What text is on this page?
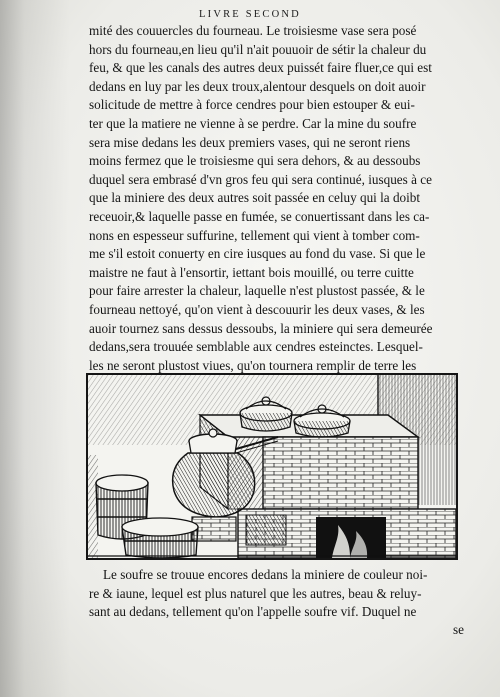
LIVRE SECOND
mité des couuercles du fourneau. Le troisiesme vase sera posé
hors du fourneau,en lieu qu'il n'ait pouuoir de sétir la chaleur du
feu, & que les canals des autres deux puissét faire fluer,ce qui est
dedans en luy par les deux troux,alentour desquels on doit auoir
solicitude de mettre à force cendres pour bien estouper & eui-
ter que la matiere ne vienne à se perdre. Car la mine du soufre
sera mise dedans les deux premiers vases, qui ne seront riens
moins fermez que le troisiesme qui sera dehors, & au dessoubs
duquel sera embrasé d'vn gros feu qui sera continué, iusques à ce
que la miniere des deux autres soit passée en celuy qui la doibt
receuoir,& laquelle passe en fumée, se conuertissant dans les ca-
nons en espesseur suffurine, tellement qui vient à tomber com-
me s'il estoit conuerty en cire iusques au fond du vase. Si que le
maistre ne faut à l'ensortir, iettant bois mouillé, ou terre cuitte
pour faire arrester la chaleur, laquelle n'est plustost passée, & le
fourneau nettoyé, qu'on vient à descouurir les deux vases, & les
auoir tournez sans dessus dessoubs, la miniere qui sera demeurée
dedans,sera trouuée semblable aux cendres esteinctes. Lesquel-
les ne seront plustost viues, qu'on tournera remplir de terre les
Le soufre se trouue encores dedans la miniere de couleur noi-
re & iaune, lequel est plus naturel que les autres, beau & reluy-
sant au dedans, tellement qu'on l'appelle soufre vif. Duquel ne
se
